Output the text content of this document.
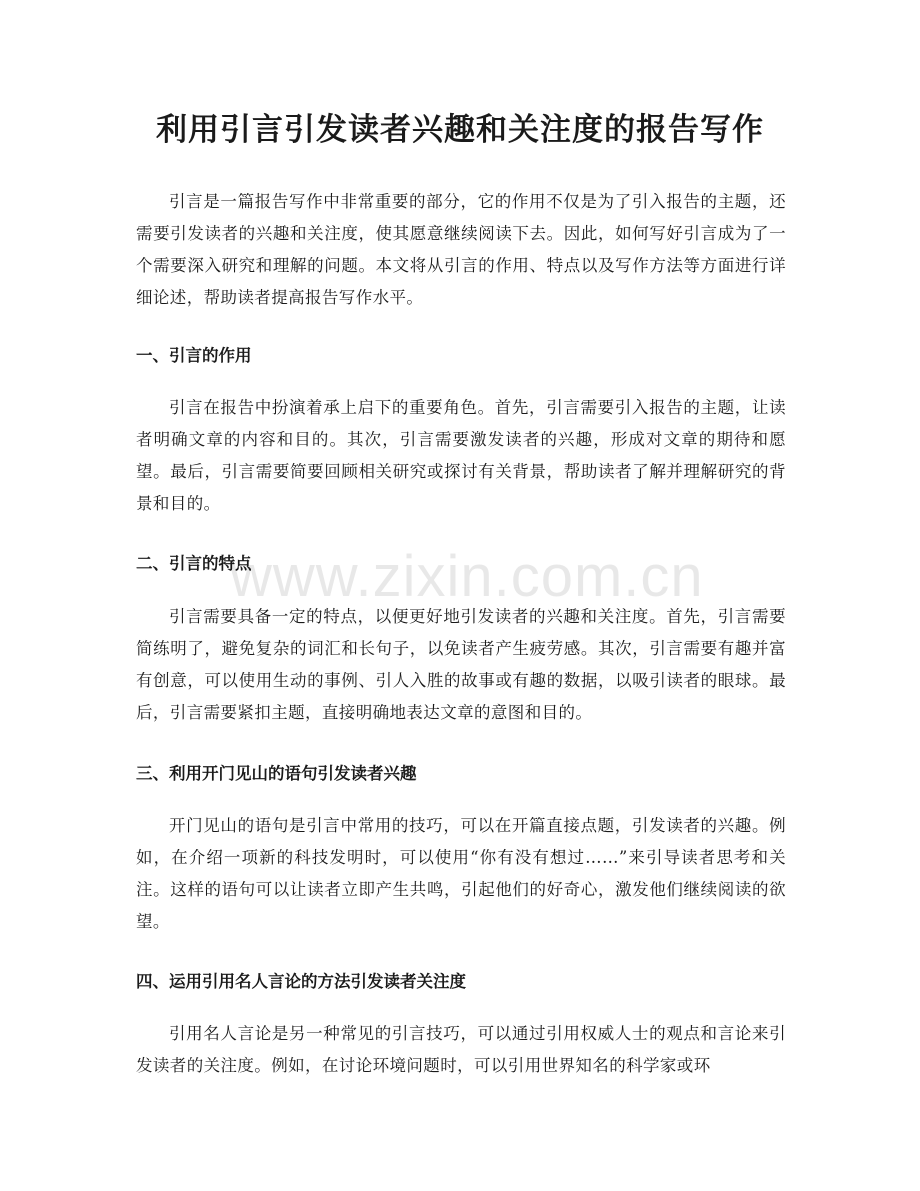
利用引言引发读者兴趣和关注度的报告写作

引言是一篇报告写作中非常重要的部分，它的作用不仅是为了引入报告的主题，还需要引发读者的兴趣和关注度，使其愿意继续阅读下去。因此，如何写好引言成为了一个需要深入研究和理解的问题。本文将从引言的作用、特点以及写作方法等方面进行详细论述，帮助读者提高报告写作水平。

一、引言的作用

引言在报告中扮演着承上启下的重要角色。首先，引言需要引入报告的主题，让读者明确文章的内容和目的。其次，引言需要激发读者的兴趣，形成对文章的期待和愿望。最后，引言需要简要回顾相关研究或探讨有关背景，帮助读者了解并理解研究的背景和目的。

二、引言的特点

引言需要具备一定的特点，以便更好地引发读者的兴趣和关注度。首先，引言需要简练明了，避免复杂的词汇和长句子，以免读者产生疲劳感。其次，引言需要有趣并富有创意，可以使用生动的事例、引人入胜的故事或有趣的数据，以吸引读者的眼球。最后，引言需要紧扣主题，直接明确地表达文章的意图和目的。

三、利用开门见山的语句引发读者兴趣

开门见山的语句是引言中常用的技巧，可以在开篇直接点题，引发读者的兴趣。例如，在介绍一项新的科技发明时，可以使用“你有没有想过……”来引导读者思考和关注。这样的语句可以让读者立即产生共鸣，引起他们的好奇心，激发他们继续阅读的欲望。

四、运用引用名人言论的方法引发读者关注度

引用名人言论是另一种常见的引言技巧，可以通过引用权威人士的观点和言论来引发读者的关注度。例如，在讨论环境问题时，可以引用世界知名的科学家或环

www.zixin.com.cn
